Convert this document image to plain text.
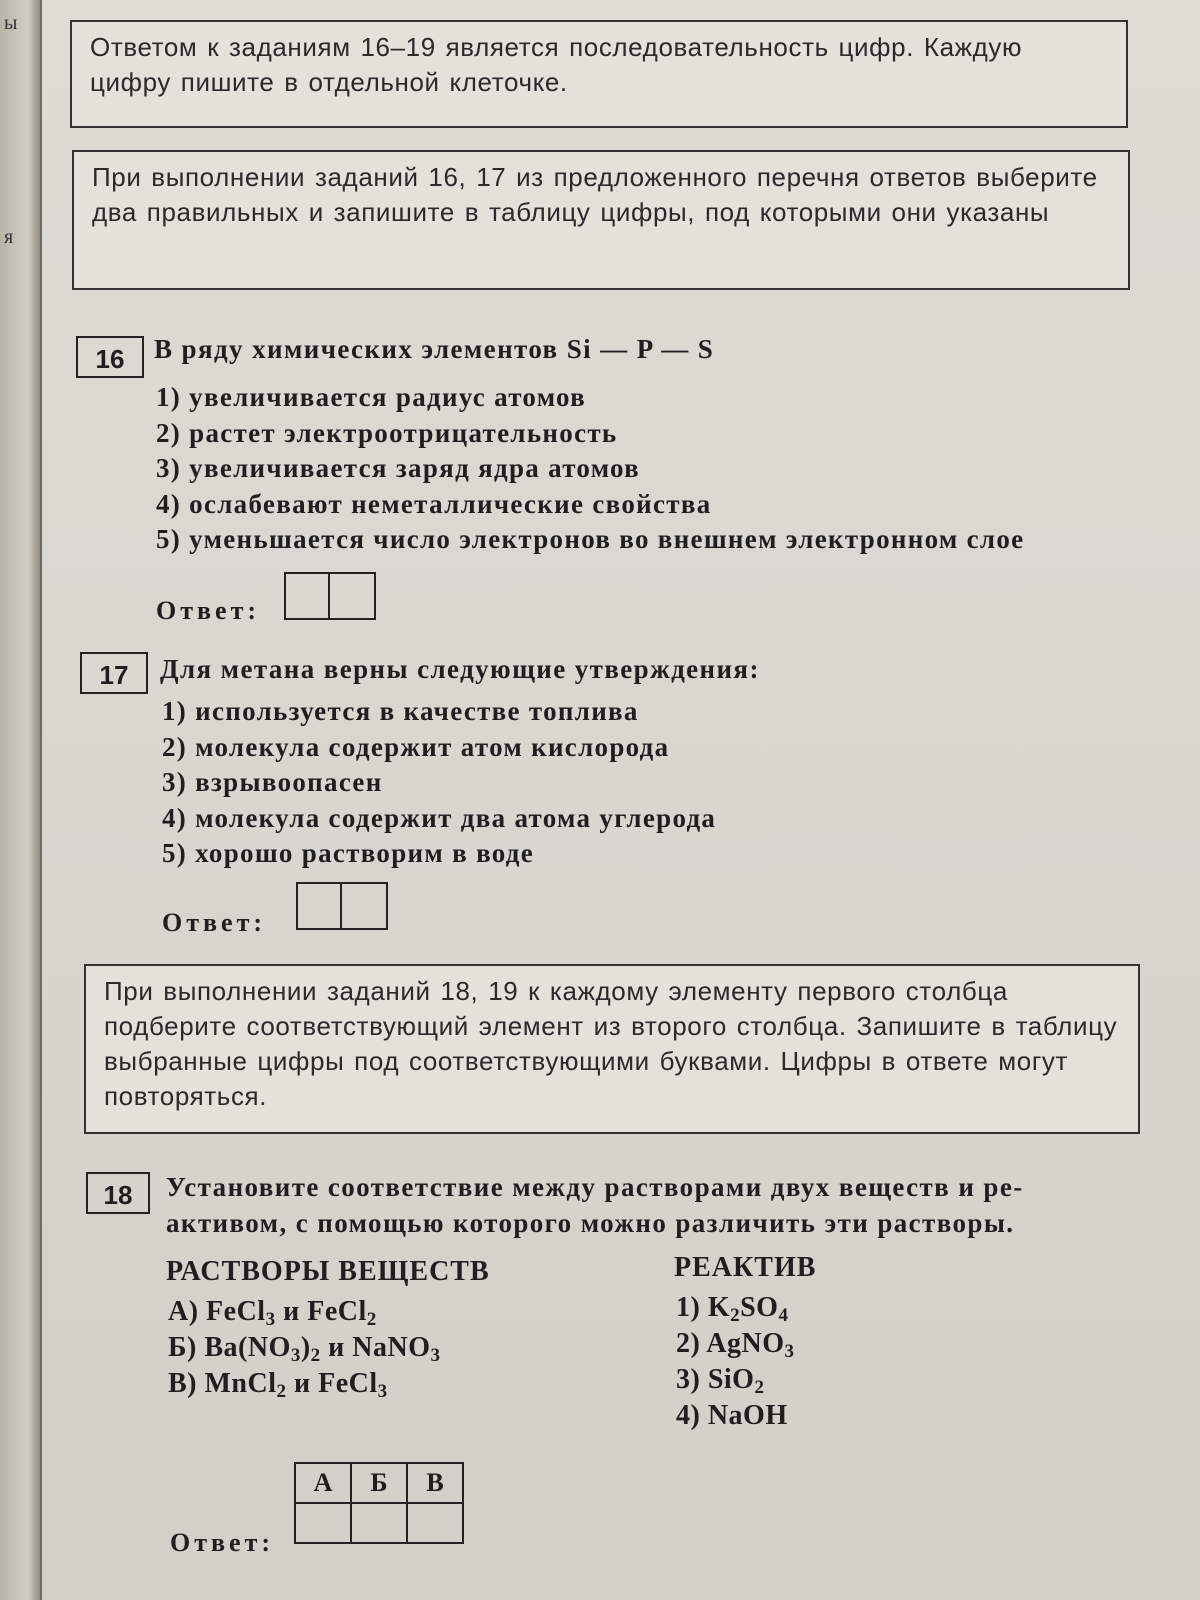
ы
я
Ответом к заданиям 16–19 является последовательность цифр. Каждую цифру пишите в отдельной клеточке.
При выполнении заданий 16, 17 из предложенного перечня ответов выберите два правильных и запишите в таблицу цифры, под которыми они указаны
16	В ряду химических элементов Si — P — S
1) увеличивается радиус атомов
2) растет электроотрицательность
3) увеличивается заряд ядра атомов
4) ослабевают неметаллические свойства
5) уменьшается число электронов во внешнем электронном слое
Ответ:
17	Для метана верны следующие утверждения:
1) используется в качестве топлива
2) молекула содержит атом кислорода
3) взрывоопасен
4) молекула содержит два атома углерода
5) хорошо растворим в воде
Ответ:
При выполнении заданий 18, 19 к каждому элементу первого столбца подберите соответствующий элемент из второго столбца. Запишите в таблицу выбранные цифры под соответствующими буквами. Цифры в ответе могут повторяться.
18	Установите соответствие между растворами двух веществ и ре-
активом, с помощью которого можно различить эти растворы.
РАСТВОРЫ ВЕЩЕСТВ
А) FeCl$_3$ и FeCl$_2$
Б) $Ba(NO_3)_2$ и NaNO$_3$
В) MnCl$_2$ и FeCl$_3$
РЕАКТИВ
1) $K_2SO_4$
2) AgNO$_3$
3) SiO$_2$
4) NaOH
Ответ:
А	Б	В
